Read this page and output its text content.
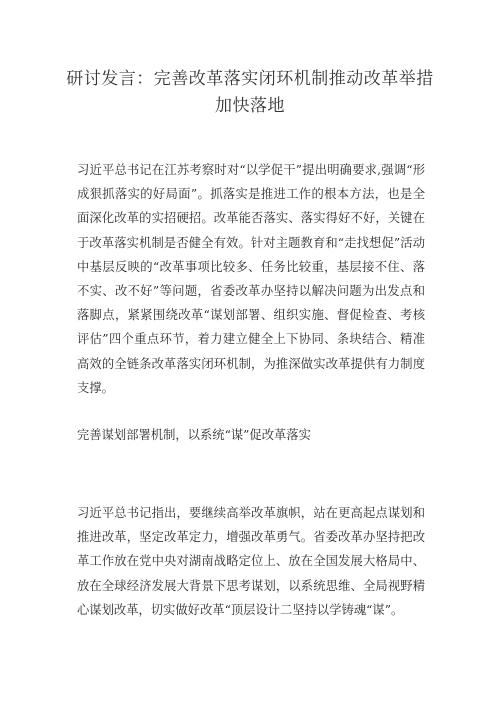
研讨发言：完善改革落实闭环机制推动改革举措加快落地

习近平总书记在江苏考察时对“以学促干”提出明确要求,强调“形成狠抓落实的好局面”。抓落实是推进工作的根本方法，也是全面深化改革的实招硬招。改革能否落实、落实得好不好，关键在于改革落实机制是否健全有效。针对主题教育和“走找想促”活动中基层反映的“改革事项比较多、任务比较重，基层接不住、落不实、改不好”等问题，省委改革办坚持以解决问题为出发点和落脚点，紧紧围绕改革“谋划部署、组织实施、督促检查、考核评估”四个重点环节，着力建立健全上下协同、条块结合、精准高效的全链条改革落实闭环机制，为推深做实改革提供有力制度支撑。

完善谋划部署机制，以系统“谋”促改革落实

习近平总书记指出，要继续高举改革旗帜，站在更高起点谋划和推进改革，坚定改革定力，增强改革勇气。省委改革办坚持把改革工作放在党中央对湖南战略定位上、放在全国发展大格局中、放在全球经济发展大背景下思考谋划，以系统思维、全局视野精心谋划改革，切实做好改革“顶层设计二坚持以学铸魂“谋”。
